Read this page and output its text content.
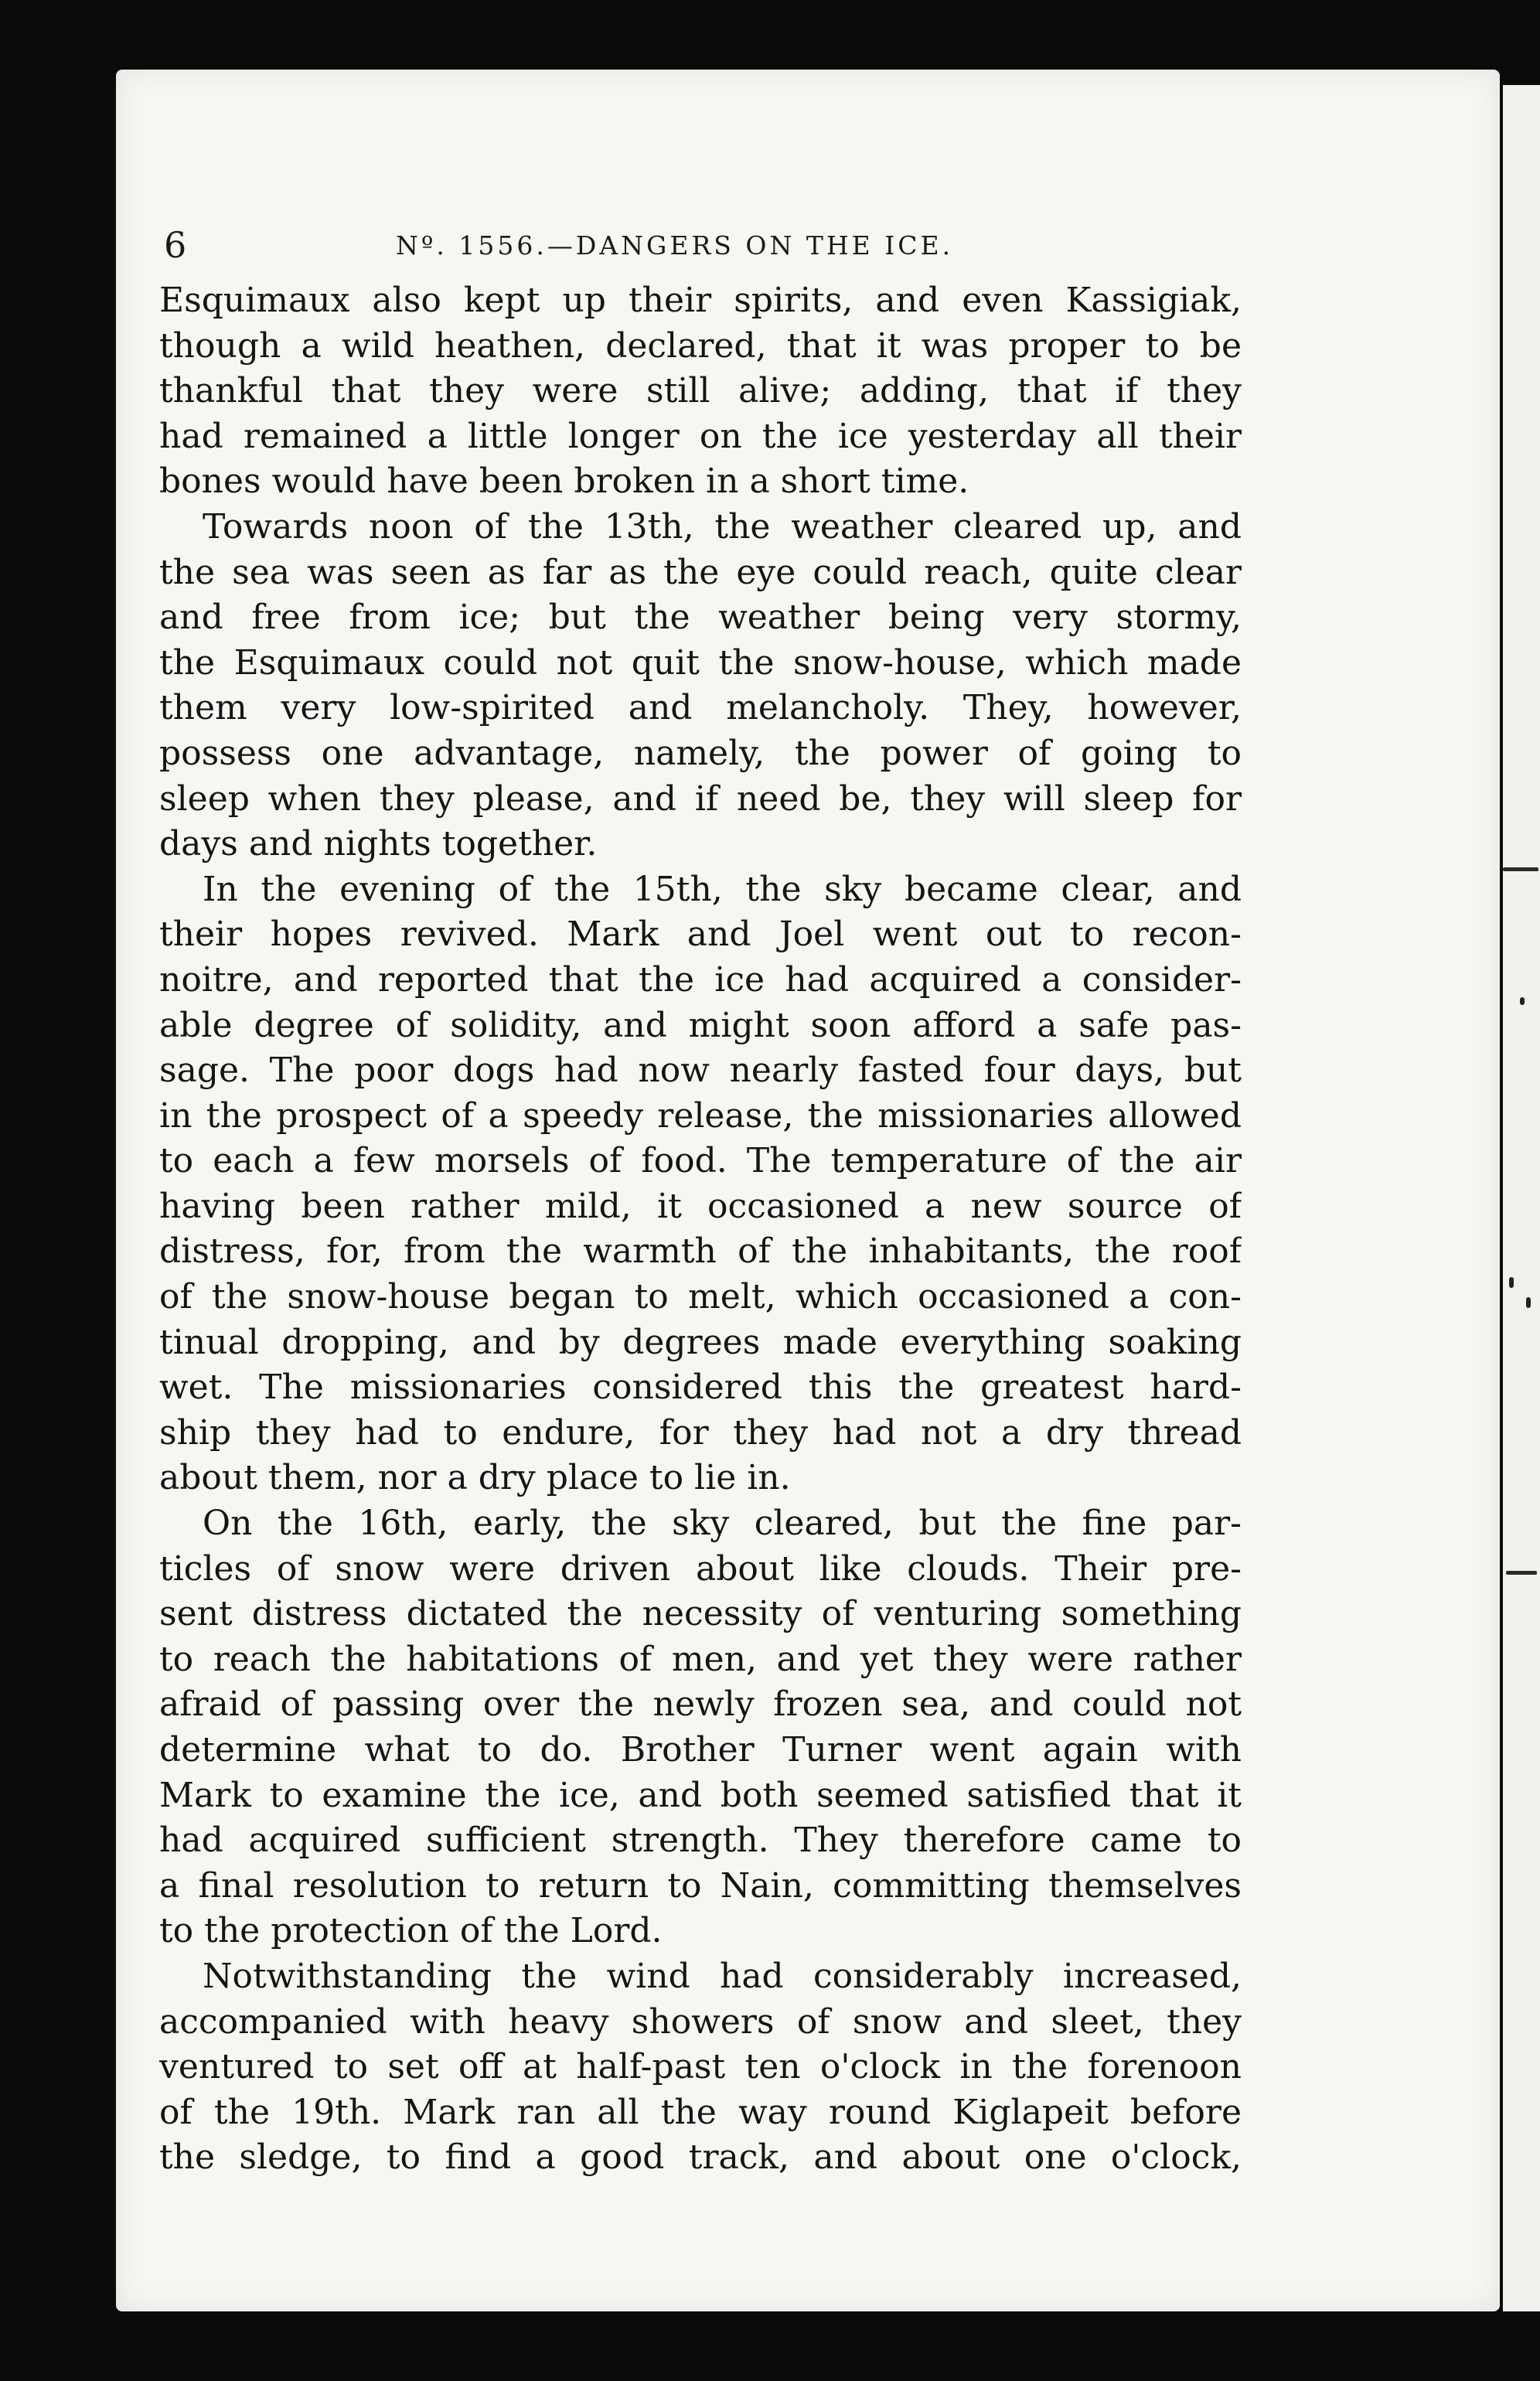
6	Nº. 1556.—DANGERS ON THE ICE.
Esquimaux also kept up their spirits, and even Kassigiak,
though a wild heathen, declared, that it was proper to be
thankful that they were still alive; adding, that if they
had remained a little longer on the ice yesterday all their
bones would have been broken in a short time.
Towards noon of the 13th, the weather cleared up, and
the sea was seen as far as the eye could reach, quite clear
and free from ice; but the weather being very stormy,
the Esquimaux could not quit the snow-house, which made
them very low-spirited and melancholy. They, however,
possess one advantage, namely, the power of going to
sleep when they please, and if need be, they will sleep for
days and nights together.
In the evening of the 15th, the sky became clear, and
their hopes revived. Mark and Joel went out to recon-
noitre, and reported that the ice had acquired a consider-
able degree of solidity, and might soon afford a safe pas-
sage. The poor dogs had now nearly fasted four days, but
in the prospect of a speedy release, the missionaries allowed
to each a few morsels of food. The temperature of the air
having been rather mild, it occasioned a new source of
distress, for, from the warmth of the inhabitants, the roof
of the snow-house began to melt, which occasioned a con-
tinual dropping, and by degrees made everything soaking
wet. The missionaries considered this the greatest hard-
ship they had to endure, for they had not a dry thread
about them, nor a dry place to lie in.
On the 16th, early, the sky cleared, but the fine par-
ticles of snow were driven about like clouds. Their pre-
sent distress dictated the necessity of venturing something
to reach the habitations of men, and yet they were rather
afraid of passing over the newly frozen sea, and could not
determine what to do. Brother Turner went again with
Mark to examine the ice, and both seemed satisfied that it
had acquired sufficient strength. They therefore came to
a final resolution to return to Nain, committing themselves
to the protection of the Lord.
Notwithstanding the wind had considerably increased,
accompanied with heavy showers of snow and sleet, they
ventured to set off at half-past ten o'clock in the forenoon
of the 19th. Mark ran all the way round Kiglapeit before
the sledge, to find a good track, and about one o'clock,
